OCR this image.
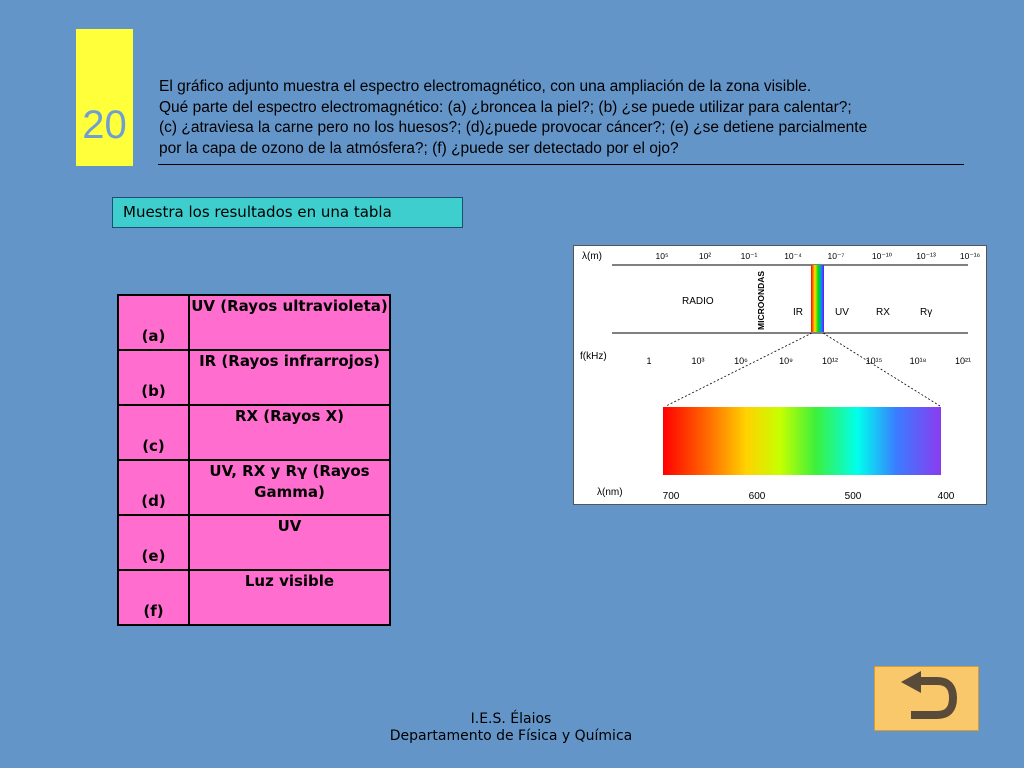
20
El gráfico adjunto muestra el espectro electromagnético, con una ampliación de la zona visible.
Qué parte del espectro electromagnético: (a) ¿broncea la piel?; (b) ¿se puede utilizar para calentar?;
(c) ¿atraviesa la carne pero no los huesos?; (d)¿puede provocar cáncer?; (e) ¿se detiene parcialmente
por la capa de ozono de la atmósfera?; (f) ¿puede ser detectado por el ojo?
Muestra los resultados en una tabla
(a)	UV (Rayos ultravioleta)

(b)	IR (Rayos infrarrojos)

(c)	RX (Rayos X)

(d)	UV, RX y Rγ (Rayos Gamma)

(e)	UV

(f)	Luz visible
λ(m)	10⁵	10²	10⁻¹	10⁻⁴	10⁻⁷	10⁻¹⁰	10⁻¹³	10⁻¹⁶
RADIO	MICROONDAS	IR	UV	RX	Rγ
f(kHz)	1	10³	10⁶	10⁹	10¹²	10¹⁵	10¹⁸	10²¹
λ(nm)	700	600	500	400
I.E.S. Élaios
Departamento de Física y Química
